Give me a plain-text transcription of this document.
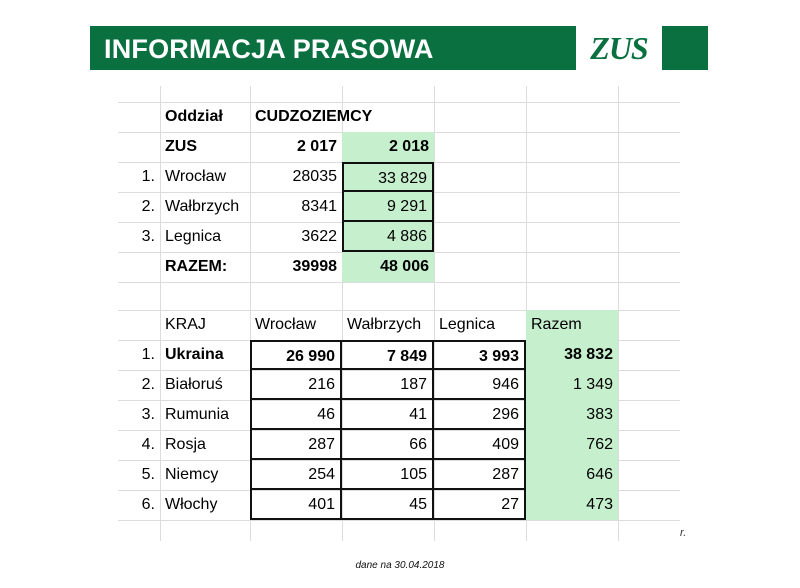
INFORMACJA PRASOWA	ZUS
Oddział	CUDZOZIEMCY
ZUS	2 017	2 018
1. Wrocław	28035	33 829
2. Wałbrzych	8341	9 291
3. Legnica	3622	4 886
RAZEM:	39998	48 006
KRAJ	Wrocław	Wałbrzych	Legnica	Razem
1. Ukraina	26 990	7 849	3 993	38 832
2. Białoruś	216	187	946	1 349
3. Rumunia	46	41	296	383
4. Rosja	287	66	409	762
5. Niemcy	254	105	287	646
6. Włochy	401	45	27	473
r.
dane na 30.04.2018
